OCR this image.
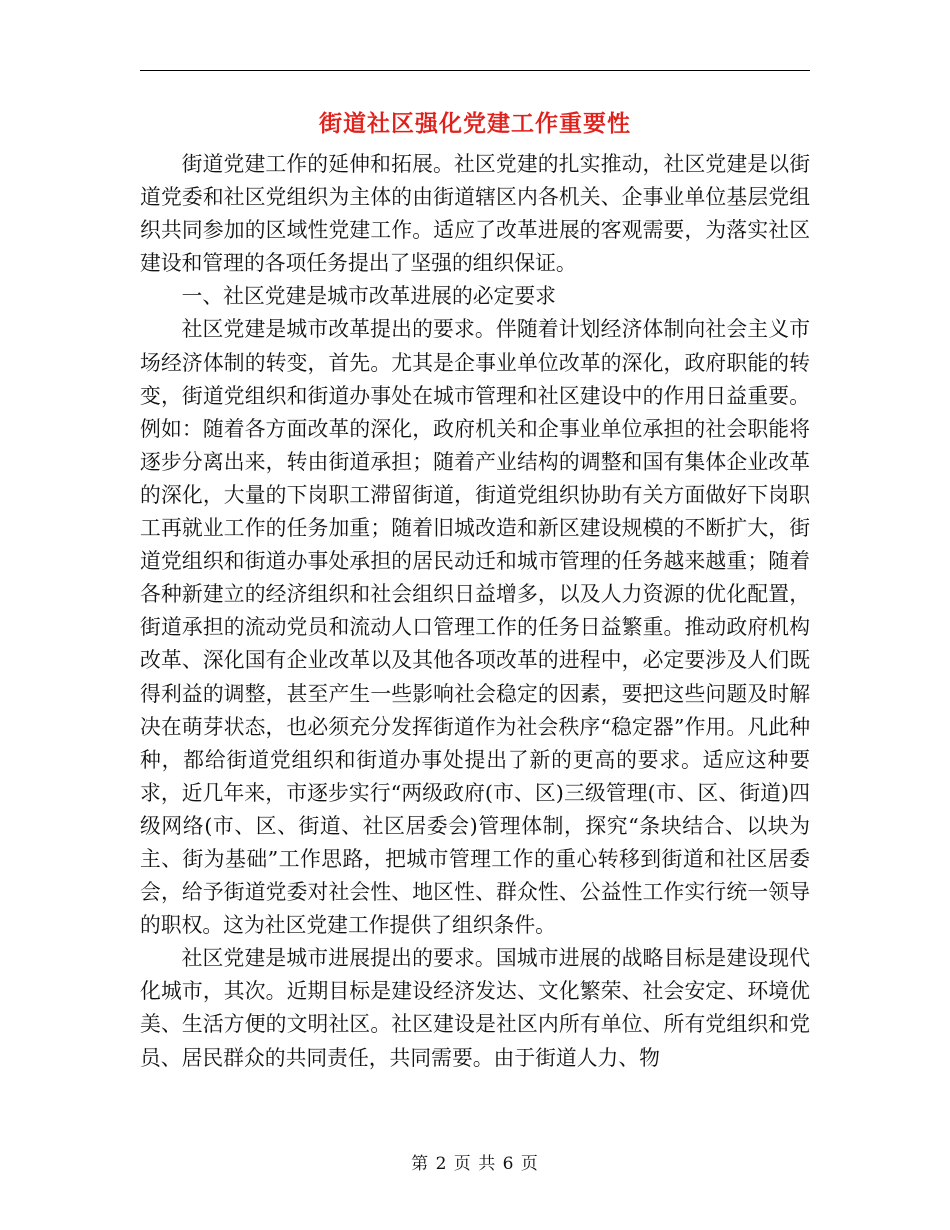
街道社区强化党建工作重要性

街道党建工作的延伸和拓展。社区党建的扎实推动，社区党建是以街道党委和社区党组织为主体的由街道辖区内各机关、企事业单位基层党组织共同参加的区域性党建工作。适应了改革进展的客观需要，为落实社区建设和管理的各项任务提出了坚强的组织保证。

一、社区党建是城市改革进展的必定要求

社区党建是城市改革提出的要求。伴随着计划经济体制向社会主义市场经济体制的转变，首先。尤其是企事业单位改革的深化，政府职能的转变，街道党组织和街道办事处在城市管理和社区建设中的作用日益重要。例如：随着各方面改革的深化，政府机关和企事业单位承担的社会职能将逐步分离出来，转由街道承担；随着产业结构的调整和国有集体企业改革的深化，大量的下岗职工滞留街道，街道党组织协助有关方面做好下岗职工再就业工作的任务加重；随着旧城改造和新区建设规模的不断扩大，街道党组织和街道办事处承担的居民动迁和城市管理的任务越来越重；随着各种新建立的经济组织和社会组织日益增多，以及人力资源的优化配置，街道承担的流动党员和流动人口管理工作的任务日益繁重。推动政府机构改革、深化国有企业改革以及其他各项改革的进程中，必定要涉及人们既得利益的调整，甚至产生一些影响社会稳定的因素，要把这些问题及时解决在萌芽状态，也必须充分发挥街道作为社会秩序“稳定器”作用。凡此种种，都给街道党组织和街道办事处提出了新的更高的要求。适应这种要求，近几年来，市逐步实行“两级政府(市、区)三级管理(市、区、街道)四级网络(市、区、街道、社区居委会)管理体制，探究“条块结合、以块为主、街为基础”工作思路，把城市管理工作的重心转移到街道和社区居委会，给予街道党委对社会性、地区性、群众性、公益性工作实行统一领导的职权。这为社区党建工作提供了组织条件。

社区党建是城市进展提出的要求。国城市进展的战略目标是建设现代化城市，其次。近期目标是建设经济发达、文化繁荣、社会安定、环境优美、生活方便的文明社区。社区建设是社区内所有单位、所有党组织和党员、居民群众的共同责任，共同需要。由于街道人力、物

第 2 页 共 6 页
